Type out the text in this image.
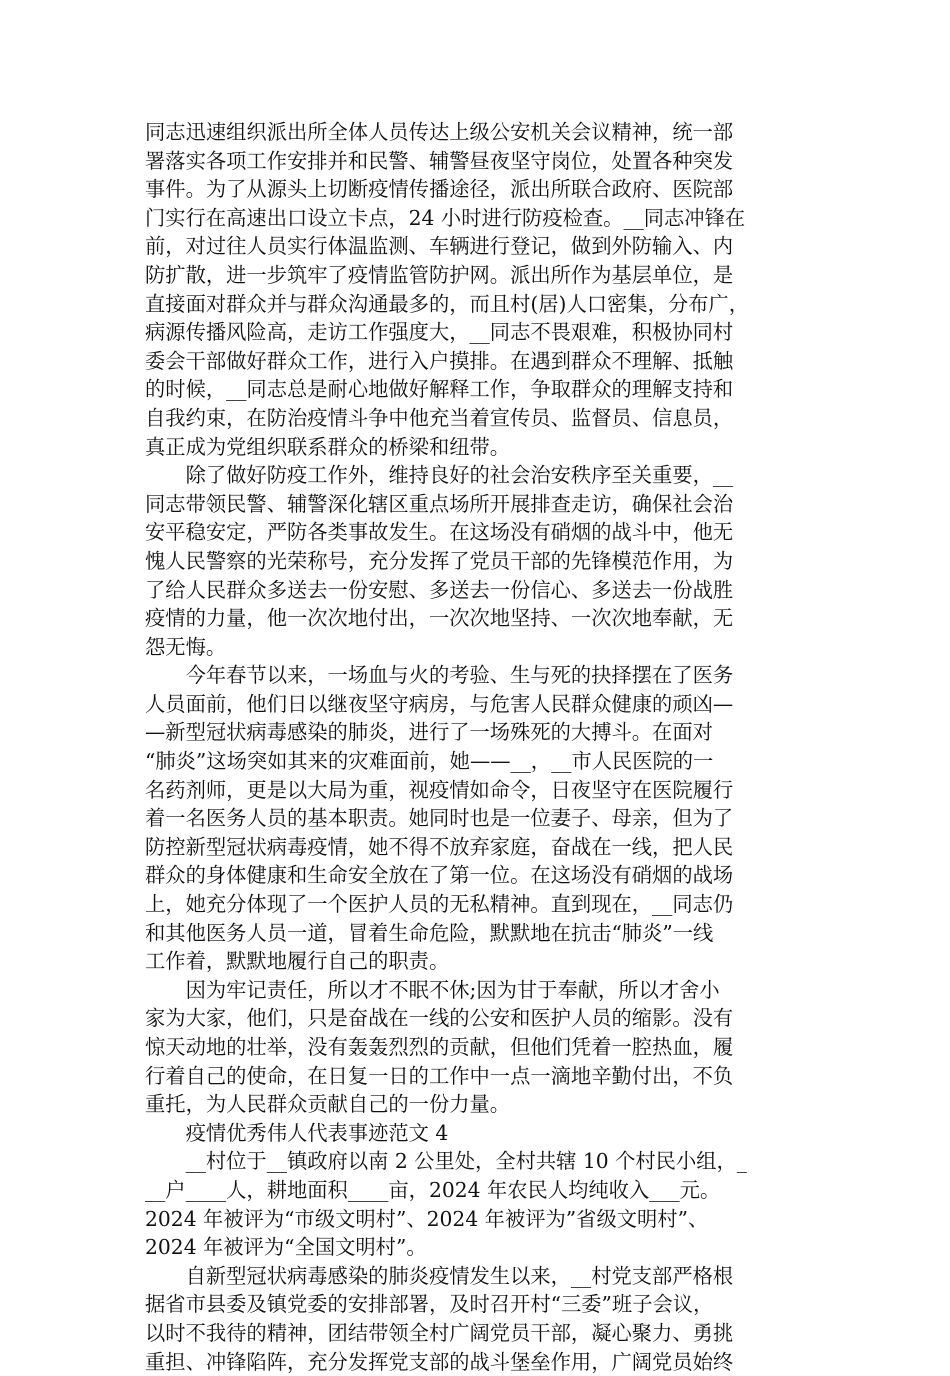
同志迅速组织派出所全体人员传达上级公安机关会议精神，统一部
署落实各项工作安排并和民警、辅警昼夜坚守岗位，处置各种突发
事件。为了从源头上切断疫情传播途径，派出所联合政府、医院部
门实行在高速出口设立卡点，24 小时进行防疫检查。__同志冲锋在
前，对过往人员实行体温监测、车辆进行登记，做到外防输入、内
防扩散，进一步筑牢了疫情监管防护网。派出所作为基层单位，是
直接面对群众并与群众沟通最多的，而且村(居)人口密集，分布广，
病源传播风险高，走访工作强度大，__同志不畏艰难，积极协同村
委会干部做好群众工作，进行入户摸排。在遇到群众不理解、抵触
的时候，__同志总是耐心地做好解释工作，争取群众的理解支持和
自我约束，在防治疫情斗争中他充当着宣传员、监督员、信息员，
真正成为党组织联系群众的桥梁和纽带。
　　除了做好防疫工作外，维持良好的社会治安秩序至关重要，__
同志带领民警、辅警深化辖区重点场所开展排查走访，确保社会治
安平稳安定，严防各类事故发生。在这场没有硝烟的战斗中，他无
愧人民警察的光荣称号，充分发挥了党员干部的先锋模范作用，为
了给人民群众多送去一份安慰、多送去一份信心、多送去一份战胜
疫情的力量，他一次次地付出，一次次地坚持、一次次地奉献，无
怨无悔。
　　今年春节以来，一场血与火的考验、生与死的抉择摆在了医务
人员面前，他们日以继夜坚守病房，与危害人民群众健康的顽凶—
—新型冠状病毒感染的肺炎，进行了一场殊死的大搏斗。在面对
“肺炎”这场突如其来的灾难面前，她——__，__市人民医院的一
名药剂师，更是以大局为重，视疫情如命令，日夜坚守在医院履行
着一名医务人员的基本职责。她同时也是一位妻子、母亲，但为了
防控新型冠状病毒疫情，她不得不放弃家庭，奋战在一线，把人民
群众的身体健康和生命安全放在了第一位。在这场没有硝烟的战场
上，她充分体现了一个医护人员的无私精神。直到现在，__同志仍
和其他医务人员一道，冒着生命危险，默默地在抗击“肺炎”一线
工作着，默默地履行自己的职责。
　　因为牢记责任，所以才不眠不休;因为甘于奉献，所以才舍小
家为大家，他们，只是奋战在一线的公安和医护人员的缩影。没有
惊天动地的壮举，没有轰轰烈烈的贡献，但他们凭着一腔热血，履
行着自己的使命，在日复一日的工作中一点一滴地辛勤付出，不负
重托，为人民群众贡献自己的一份力量。
　　疫情优秀伟人代表事迹范文 4
　　__村位于__镇政府以南 2 公里处，全村共辖 10 个村民小组，_
__户____人，耕地面积____亩，2024 年农民人均纯收入___元。
2024 年被评为“市级文明村”、2024 年被评为”省级文明村”、
2024 年被评为“全国文明村”。
　　自新型冠状病毒感染的肺炎疫情发生以来，__村党支部严格根
据省市县委及镇党委的安排部署，及时召开村“三委”班子会议，
以时不我待的精神，团结带领全村广阔党员干部，凝心聚力、勇挑
重担、冲锋陷阵，充分发挥党支部的战斗堡垒作用，广阔党员始终
